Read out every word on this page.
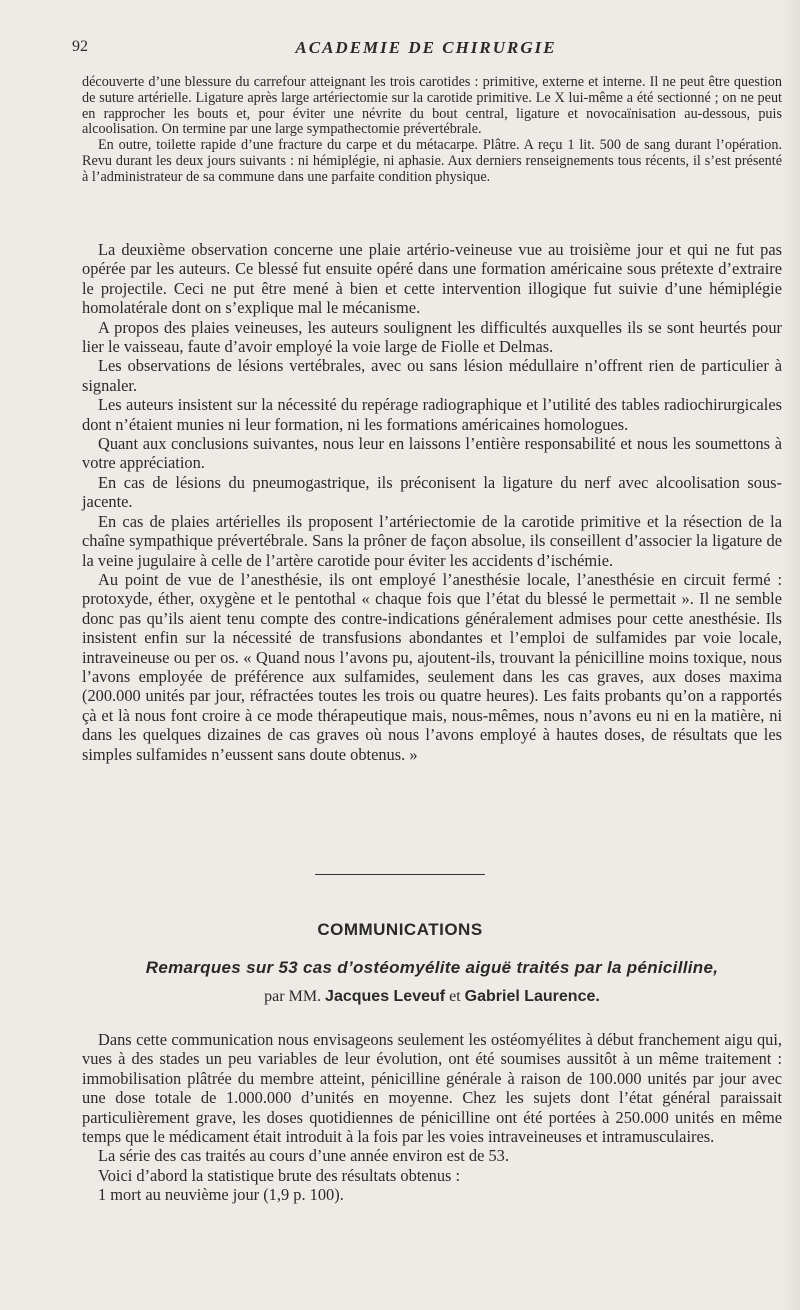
92	ACADEMIE DE CHIRURGIE

découverte d’une blessure du carrefour atteignant les trois carotides : primitive, externe et interne. Il ne peut être question de suture artérielle. Ligature après large artériectomie sur la carotide primitive. Le X lui-même a été sectionné ; on ne peut en rapprocher les bouts et, pour éviter une névrite du bout central, ligature et novocaïnisation au-dessous, puis alcoolisation. On termine par une large sympathectomie prévertébrale.

En outre, toilette rapide d’une fracture du carpe et du métacarpe. Plâtre. A reçu 1 lit. 500 de sang durant l’opération. Revu durant les deux jours suivants : ni hémiplégie, ni aphasie. Aux derniers renseignements tous récents, il s’est présenté à l’administrateur de sa commune dans une parfaite condition physique.

La deuxième observation concerne une plaie artério-veineuse vue au troisième jour et qui ne fut pas opérée par les auteurs. Ce blessé fut ensuite opéré dans une formation américaine sous prétexte d’extraire le projectile. Ceci ne put être mené à bien et cette intervention illogique fut suivie d’une hémiplégie homolatérale dont on s’explique mal le mécanisme.

A propos des plaies veineuses, les auteurs soulignent les difficultés auxquelles ils se sont heurtés pour lier le vaisseau, faute d’avoir employé la voie large de Fiolle et Delmas.

Les observations de lésions vertébrales, avec ou sans lésion médullaire n’offrent rien de particulier à signaler.

Les auteurs insistent sur la nécessité du repérage radiographique et l’utilité des tables radiochirurgicales dont n’étaient munies ni leur formation, ni les formations américaines homologues.

Quant aux conclusions suivantes, nous leur en laissons l’entière responsabilité et nous les soumettons à votre appréciation.

En cas de lésions du pneumogastrique, ils préconisent la ligature du nerf avec alcoolisation sous-jacente.

En cas de plaies artérielles ils proposent l’artériectomie de la carotide primitive et la résection de la chaîne sympathique prévertébrale. Sans la prôner de façon absolue, ils conseillent d’associer la ligature de la veine jugulaire à celle de l’artère carotide pour éviter les accidents d’ischémie.

Au point de vue de l’anesthésie, ils ont employé l’anesthésie locale, l’anesthésie en circuit fermé : protoxyde, éther, oxygène et le pentothal « chaque fois que l’état du blessé le permettait ». Il ne semble donc pas qu’ils aient tenu compte des contre-indications généralement admises pour cette anesthésie. Ils insistent enfin sur la nécessité de transfusions abondantes et l’emploi de sulfamides par voie locale, intraveineuse ou per os. « Quand nous l’avons pu, ajoutent-ils, trouvant la pénicilline moins toxique, nous l’avons employée de préférence aux sulfamides, seulement dans les cas graves, aux doses maxima (200.000 unités par jour, réfractées toutes les trois ou quatre heures). Les faits probants qu’on a rapportés çà et là nous font croire à ce mode thérapeutique mais, nous-mêmes, nous n’avons eu ni en la matière, ni dans les quelques dizaines de cas graves où nous l’avons employé à hautes doses, de résultats que les simples sulfamides n’eussent sans doute obtenus. »

COMMUNICATIONS
Remarques sur 53 cas d’ostéomyélite aiguë traités par la pénicilline,
par MM. Jacques Leveuf et Gabriel Laurence.

Dans cette communication nous envisageons seulement les ostéomyélites à début franchement aigu qui, vues à des stades un peu variables de leur évolution, ont été soumises aussitôt à un même traitement : immobilisation plâtrée du membre atteint, pénicilline générale à raison de 100.000 unités par jour avec une dose totale de 1.000.000 d’unités en moyenne. Chez les sujets dont l’état général paraissait particulièrement grave, les doses quotidiennes de pénicilline ont été portées à 250.000 unités en même temps que le médicament était introduit à la fois par les voies intraveineuses et intramusculaires.

La série des cas traités au cours d’une année environ est de 53.

Voici d’abord la statistique brute des résultats obtenus :

1 mort au neuvième jour (1,9 p. 100).
